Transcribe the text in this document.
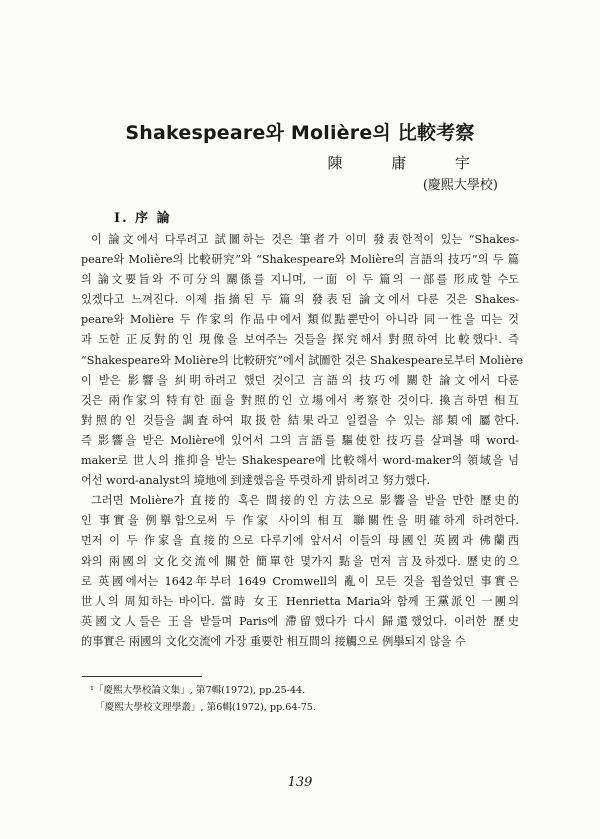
Shakespeare와 Molière의 比較考察
陳 庸 宇
(慶熙大學校)
I. 序 論
이 論文에서 다루려고 試圖하는 것은 筆者가 이미 發表한적이 있는 “Shakes-
peare와 Molière의 比較研究”와 “Shakespeare와 Molière의 言語의 技巧”의 두 篇
의 論文要旨와 不可分의 關係를 지니며, 一面 이 두 篇의 一部를 形成할 수도
있겠다고 느껴진다. 이제 指摘된 두 篇의 發表된 論文에서 다룬 것은 Shakes-
peare와 Molière 두 作家의 作品中에서 類似點뿐만이 아니라 同一性을 띠는 것
과 도한 正反對的인 現像을 보여주는 것들을 探究해서 對照하여 比較했다¹. 즉
“Shakespeare와 Molière의 比較研究”에서 試圖한 것은 Shakespeare로부터 Molière
이 받은 影響을 糾明하려고 했던 것이고 言語의 技巧에 關한 論文에서 다룬
것은 兩作家의 特有한 面을 對照的인 立場에서 考察한 것이다. 換言하면 相互
對照的인 것들을 調査하여 取扱한 結果라고 일컬을 수 있는 部類에 屬한다.
즉 影響을 받은 Molière에 있어서 그의 言語를 驅使한 技巧를 살펴볼 때 word-
maker로 世人의 推抑을 받는 Shakespeare에 比較해서 word-maker의 領域을 넘
어선 word-analyst의 境地에 到達했음을 뚜렷하게 밝히려고 努力했다.
그러면 Molière가 直接的 혹은 間接的인 方法으로 影響을 받을 만한 歷史的
인 事實을 例擧함으로써 두 作家 사이의 相互 聯關性을 明確하게 하려한다.
먼저 이 두 作家을 直接的으로 다루기에 앞서서 이들의 母國인 英國과 佛蘭西
와의 兩國의 文化交流에 關한 簡單한 몇가지 點을 먼저 言及하겠다. 歷史的으
로 英國에서는 1642年부터 1649 Cromwell의 亂이 모든 것을 휩쓸었던 事實은
世人의 周知하는 바이다. 當時 女王 Henrietta Maria와 함께 王黨派인 一團의
英國文人들은 王을 받들며 Paris에 滯留했다가 다시 歸還했었다. 이러한 歷史
的事實은 兩國의 文化交流에 가장 重要한 相互間의 接觸으로 例擧되지 않을 수
¹「慶熙大學校論文集」, 第7輯(1972), pp.25-44.
「慶熙大學校文理學叢」, 第6輯(1972), pp.64-75.
139
